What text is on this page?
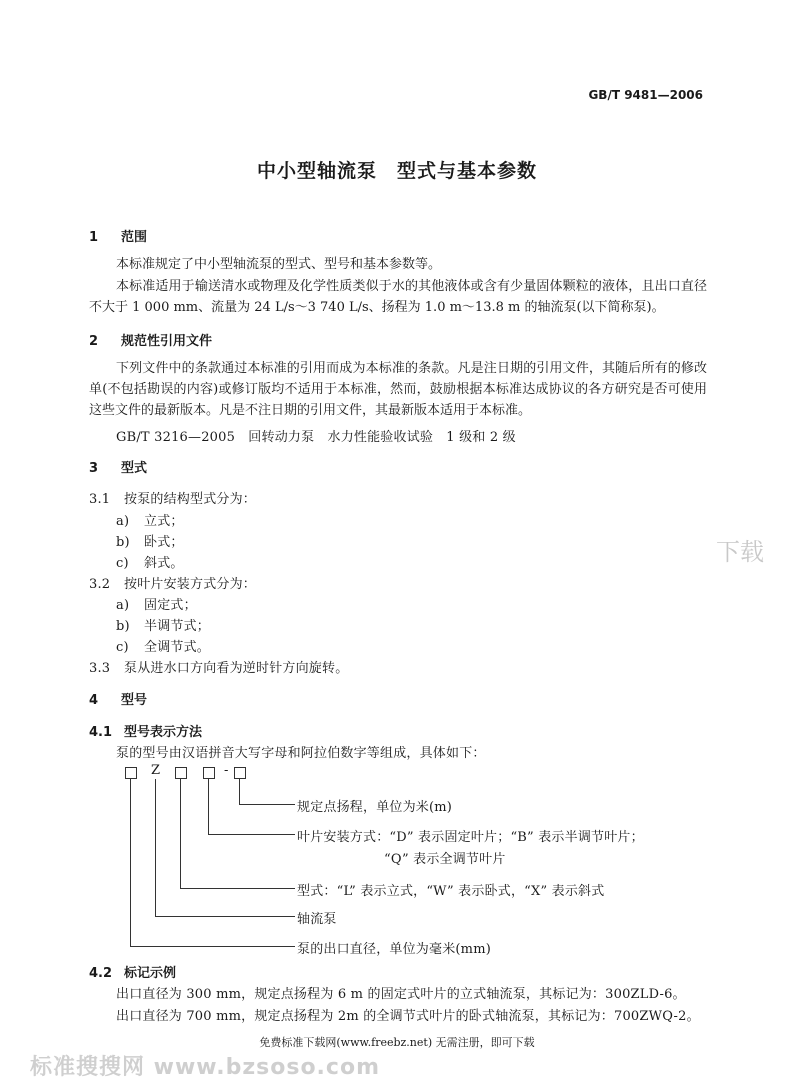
GB/T 9481—2006
中小型轴流泵　型式与基本参数
1 范围
本标准规定了中小型轴流泵的型式、型号和基本参数等。
本标准适用于输送清水或物理及化学性质类似于水的其他液体或含有少量固体颗粒的液体，且出口直径不大于 1 000 mm、流量为 24 L/s～3 740 L/s、扬程为 1.0 m～13.8 m 的轴流泵(以下简称泵)。
2 规范性引用文件
下列文件中的条款通过本标准的引用而成为本标准的条款。凡是注日期的引用文件，其随后所有的修改单(不包括勘误的内容)或修订版均不适用于本标准，然而，鼓励根据本标准达成协议的各方研究是否可使用这些文件的最新版本。凡是不注日期的引用文件，其最新版本适用于本标准。
GB/T 3216—2005　回转动力泵　水力性能验收试验　1 级和 2 级
3 型式
3.1 按泵的结构型式分为：
a) 立式；
b) 卧式；
c) 斜式。
3.2 按叶片安装方式分为：
a) 固定式；
b) 半调节式；
c) 全调节式。
3.3 泵从进水口方向看为逆时针方向旋转。
4 型号
4.1 型号表示方法
泵的型号由汉语拼音大写字母和阿拉伯数字等组成，具体如下：
Z	-
规定点扬程，单位为米(m)
叶片安装方式：“D” 表示固定叶片；“B” 表示半调节叶片；
“Q” 表示全调节叶片
型式：“L” 表示立式，“W” 表示卧式，“X” 表示斜式
轴流泵
泵的出口直径，单位为毫米(mm)
4.2 标记示例
出口直径为 300 mm，规定点扬程为 6 m 的固定式叶片的立式轴流泵，其标记为：300ZLD-6。
出口直径为 700 mm，规定点扬程为 2m 的全调节式叶片的卧式轴流泵，其标记为：700ZWQ-2。
下载
免费标准下载网(www.freebz.net) 无需注册，即可下载
标准搜搜网 www.bzsoso.com
